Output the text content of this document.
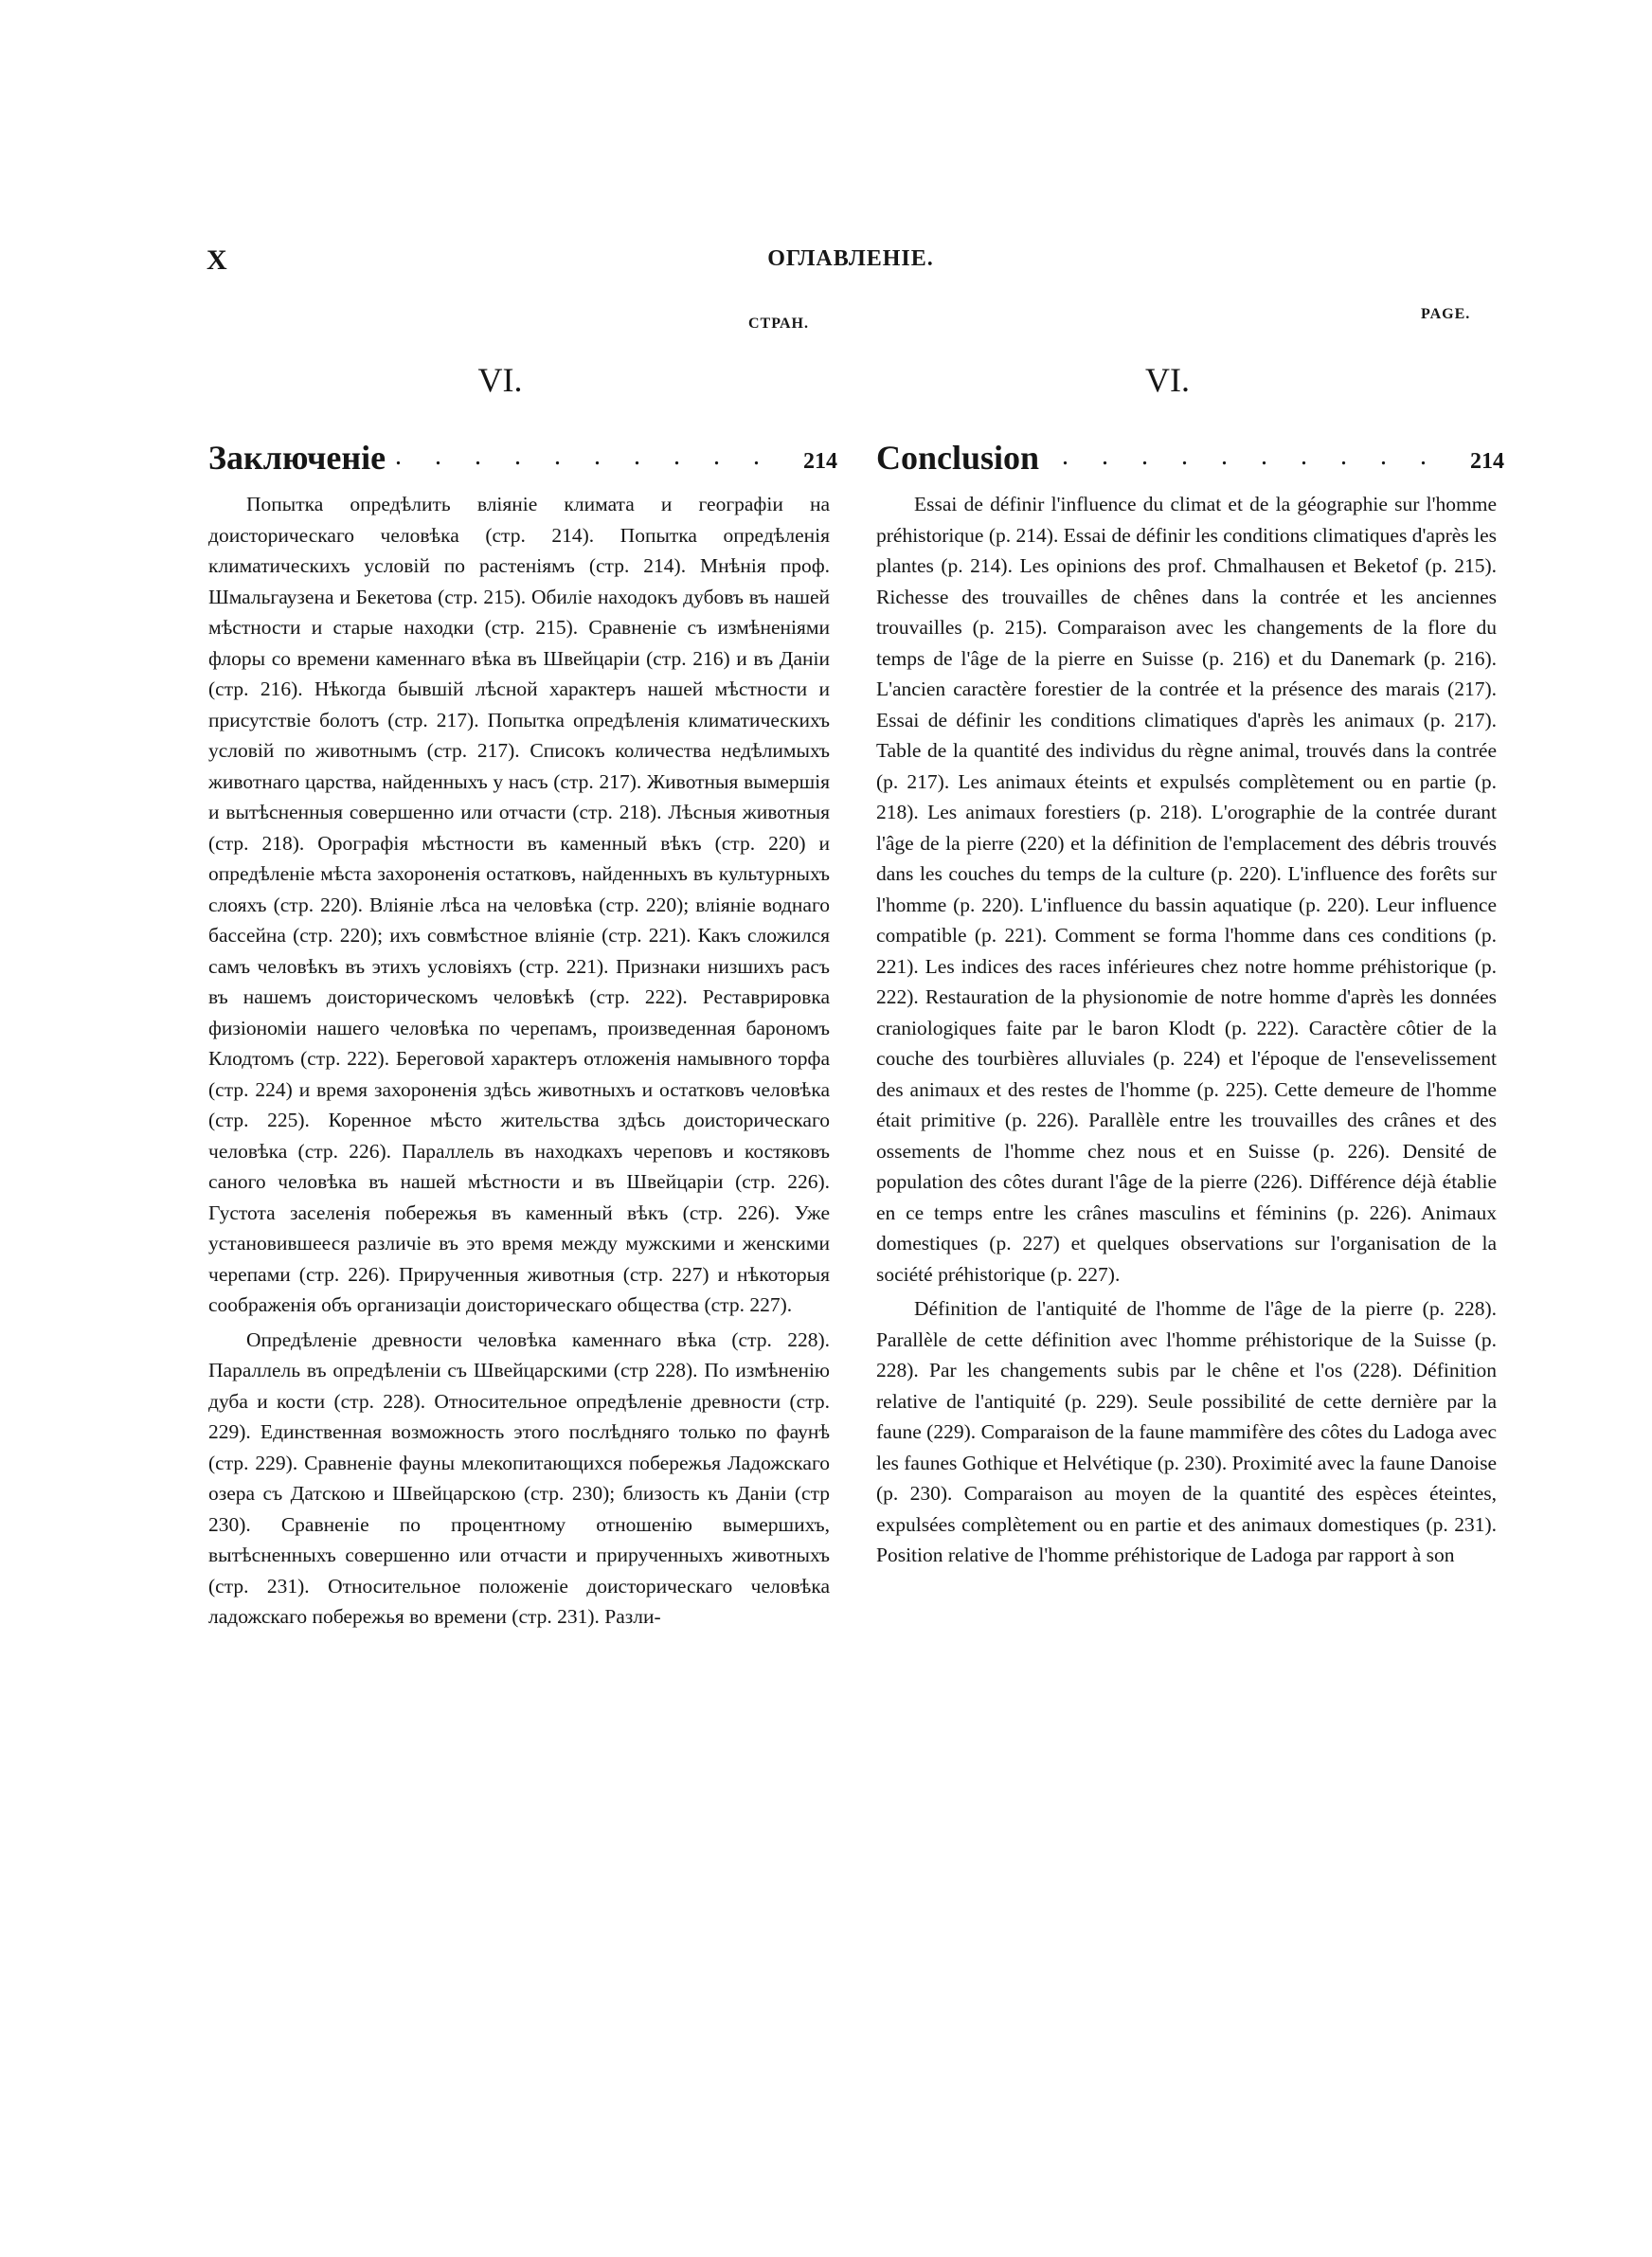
X	ОГЛАВЛЕНІЕ.
СТРАН.
PAGE.
VI.
. . . . . . . . . .
Заключеніе	214

Попытка опредѣлить вліяніе климата и географіи на доисторическаго человѣка (стр. 214). Попытка опредѣленія климатическихъ условій по растеніямъ (стр. 214). Мнѣнія проф. Шмальгаузена и Бекетова (стр. 215). Обиліе находокъ дубовъ въ нашей мѣстности и старые находки (стр. 215). Сравненіе съ измѣненіями флоры со времени каменнаго вѣка въ Швейцаріи (стр. 216) и въ Даніи (стр. 216). Нѣкогда бывшій лѣсной характеръ нашей мѣстности и присутствіе болотъ (стр. 217). Попытка опредѣленія климатическихъ условій по животнымъ (стр. 217). Списокъ количества недѣлимыхъ животнаго царства, найденныхъ у насъ (стр. 217). Животныя вымершія и вытѣсненныя совершенно или отчасти (стр. 218). Лѣсныя животныя (стр. 218). Орографія мѣстности въ каменный вѣкъ (стр. 220) и опредѣленіе мѣста захороненія остатковъ, найденныхъ въ культурныхъ слояхъ (стр. 220). Вліяніе лѣса на человѣка (стр. 220); вліяніе воднаго бассейна (стр. 220); ихъ совмѣстное вліяніе (стр. 221). Какъ сложился самъ человѣкъ въ этихъ условіяхъ (стр. 221). Признаки низшихъ расъ въ нашемъ доисторическомъ человѣкѣ (стр. 222). Реставрировка физіономіи нашего человѣка по черепамъ, произведенная барономъ Клодтомъ (стр. 222). Береговой характеръ отложенія намывного торфа (стр. 224) и время захороненія здѣсь животныхъ и остатковъ человѣка (стр. 225). Коренное мѣсто жительства здѣсь доисторическаго человѣка (стр. 226). Параллель въ находкахъ череповъ и костяковъ саного человѣка въ нашей мѣстности и въ Швейцаріи (стр. 226). Густота заселенія побережья въ каменный вѣкъ (стр. 226). Уже установившееся различіе въ это время между мужскими и женскими черепами (стр. 226). Прирученныя животныя (стр. 227) и нѣкоторыя соображенія объ организаціи доисторическаго общества (стр. 227).

Опредѣленіе древности человѣка каменнаго вѣка (стр. 228). Параллель въ опредѣленіи съ Швейцарскими (стр 228). По измѣненію дуба и кости (стр. 228). Относительное опредѣленіе древности (стр. 229). Единственная возможность этого послѣдняго только по фаунѣ (стр. 229). Сравненіе фауны млекопитающихся побережья Ладожскаго озера съ Датскою и Швейцарскою (стр. 230); близость къ Даніи (стр 230). Сравненіе по процентному отношенію вымершихъ, вытѣсненныхъ совершенно или отчасти и прирученныхъ животныхъ (стр. 231). Относительное положеніе доисторическаго человѣка ладожскаго побережья во времени (стр. 231). Разли-

VI.
. . . . . . . . . .
Conclusion	214

Essai de définir l'influence du climat et de la géographie sur l'homme préhistorique (p. 214). Essai de définir les conditions climatiques d'après les plantes (p. 214). Les opinions des prof. Chmalhausen et Beketof (p. 215). Richesse des trouvailles de chênes dans la contrée et les anciennes trouvailles (p. 215). Comparaison avec les changements de la flore du temps de l'âge de la pierre en Suisse (p. 216) et du Danemark (p. 216). L'ancien caractère forestier de la contrée et la présence des marais (217). Essai de définir les conditions climatiques d'après les animaux (p. 217). Table de la quantité des individus du règne animal, trouvés dans la contrée (p. 217). Les animaux éteints et expulsés complètement ou en partie (p. 218). Les animaux forestiers (p. 218). L'orographie de la contrée durant l'âge de la pierre (220) et la définition de l'emplacement des débris trouvés dans les couches du temps de la culture (p. 220). L'influence des forêts sur l'homme (p. 220). L'influence du bassin aquatique (p. 220). Leur influence compatible (p. 221). Comment se forma l'homme dans ces conditions (p. 221). Les indices des races inférieures chez notre homme préhistorique (p. 222). Restauration de la physionomie de notre homme d'après les données craniologiques faite par le baron Klodt (p. 222). Caractère côtier de la couche des tourbières alluviales (p. 224) et l'époque de l'ensevelissement des animaux et des restes de l'homme (p. 225). Cette demeure de l'homme était primitive (p. 226). Parallèle entre les trouvailles des crânes et des ossements de l'homme chez nous et en Suisse (p. 226). Densité de population des côtes durant l'âge de la pierre (226). Différence déjà établie en ce temps entre les crânes masculins et féminins (p. 226). Animaux domestiques (p. 227) et quelques observations sur l'organisation de la société préhistorique (p. 227).

Définition de l'antiquité de l'homme de l'âge de la pierre (p. 228). Parallèle de cette définition avec l'homme préhistorique de la Suisse (p. 228). Par les changements subis par le chêne et l'os (228). Définition relative de l'antiquité (p. 229). Seule possibilité de cette dernière par la faune (229). Comparaison de la faune mammifère des côtes du Ladoga avec les faunes Gothique et Helvétique (p. 230). Proximité avec la faune Danoise (p. 230). Comparaison au moyen de la quantité des espèces éteintes, expulsées complètement ou en partie et des animaux domestiques (p. 231). Position relative de l'homme préhistorique de Ladoga par rapport à son
